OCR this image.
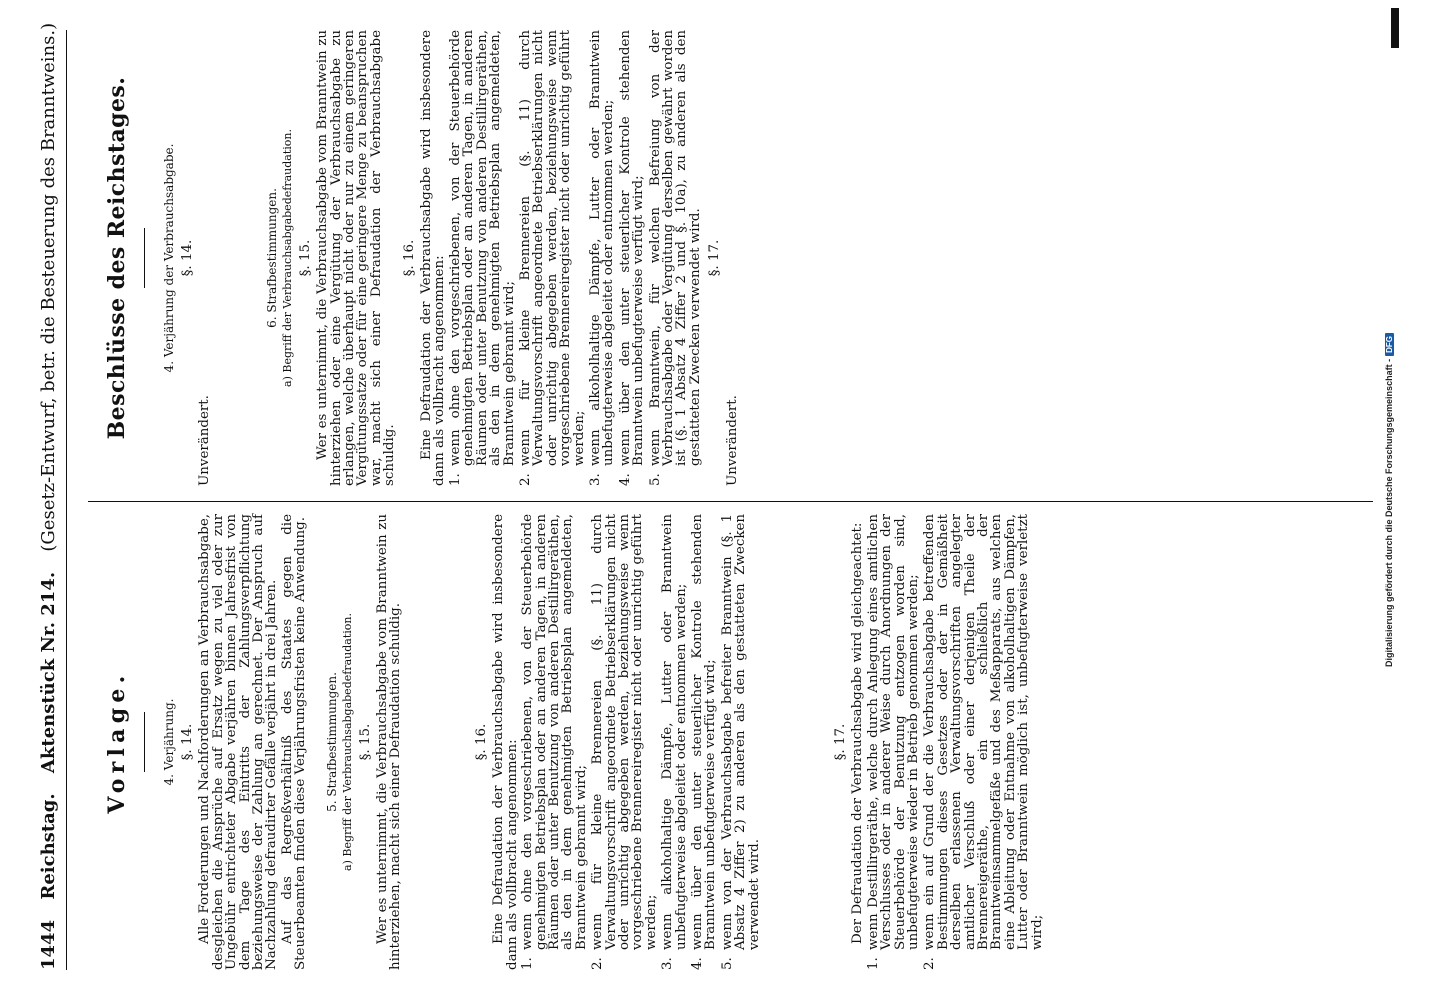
1444 Reichstag. Aktenstück Nr. 214. (Gesetz-Entwurf, betr. die Besteuerung des Branntweins.)
Vorlage.	4. Verjährung. §. 14. Alle Forderungen und Nachforderungen an Verbrauchsabgabe, desgleichen die Ansprüche auf Ersatz wegen zu viel oder zur Ungebühr entrichteter Abgabe verjähren binnen Jahresfrist von dem Tage des Eintritts der Zahlungsverpflichtung beziehungsweise der Zahlung an gerechnet. Der Anspruch auf Nachzahlung defraudirter Gefälle verjährt in drei Jahren. Auf das Regreßverhältniß des Staates gegen die Steuerbeamten finden diese Verjährungsfristen keine Anwendung. 5. Strafbestimmungen. a) Begriff der Verbrauchsabgabedefraudation. §. 15. Wer es unternimmt, die Verbrauchsabgabe vom Branntwein zu hinterziehen, macht sich einer Defraudation schuldig.	§. 16. Eine Defraudation der Verbrauchsabgabe wird insbesondere dann als vollbracht angenommen: 1.
wenn ohne den vorgeschriebenen, von der Steuerbehörde genehmigten Betriebsplan oder an anderen Tagen, in anderen Räumen oder unter Benutzung von anderen Destillirgeräthen, als den in dem genehmigten Betriebsplan angemeldeten, Branntwein gebrannt wird;
2.
wenn für kleine Brennereien (§. 11) durch Verwaltungsvorschrift angeordnete Betriebserklärungen nicht oder unrichtig abgegeben werden, beziehungsweise wenn vorgeschriebene Brennereiregister nicht oder unrichtig geführt werden;
3.
wenn alkoholhaltige Dämpfe, Lutter oder Branntwein unbefugterweise abgeleitet oder entnommen werden;
4.
wenn über den unter steuerlicher Kontrole stehenden Branntwein unbefugterweise verfügt wird;
5.
wenn von der Verbrauchsabgabe befreiter Branntwein (§. 1 Absatz 4 Ziffer 2) zu anderen als den gestatteten Zwecken verwendet wird.
§. 17. Der Defraudation der Verbrauchsabgabe wird gleichgeachtet:

1.
wenn Destillirgeräthe, welche durch Anlegung eines amtlichen Verschlusses oder in anderer Weise durch Anordnungen der Steuerbehörde der Benutzung entzogen worden sind, unbefugterweise wieder in Betrieb genommen werden;
2.
wenn ein auf Grund der die Verbrauchsabgabe betreffenden Bestimmungen dieses Gesetzes oder der in Gemäßheit derselben erlassenen Verwaltungsvorschriften angelegter amtlicher Verschluß oder einer derjenigen Theile der Brennereigeräthe, ein schließlich der Branntweinsammelgefäße und des Meßapparats, aus welchen eine Ableitung oder Entnahme von alkoholhaltigen Dämpfen, Lutter oder Branntwein möglich ist, unbefugterweise verletzt wird;
Beschlüsse des Reichstages.	4. Verjährung der Verbrauchsabgabe. §. 14.

Unverändert.

6. Strafbestimmungen. a) Begriff der Verbrauchsabgabedefraudation. §. 15. Wer es unternimmt, die Verbrauchsabgabe vom Branntwein zu hinterziehen oder eine Vergütung der Verbrauchsabgabe zu erlangen, welche überhaupt nicht oder nur zu einem geringeren Vergütungssatze oder für eine geringere Menge zu beanspruchen war, macht sich einer Defraudation der Verbrauchsabgabe schuldig.

§. 16. Eine Defraudation der Verbrauchsabgabe wird insbesondere dann als vollbracht angenommen: 1.
wenn ohne den vorgeschriebenen, von der Steuerbehörde genehmigten Betriebsplan oder an anderen Tagen, in anderen Räumen oder unter Benutzung von anderen Destillirgeräthen, als den in dem genehmigten Betriebsplan angemeldeten, Branntwein gebrannt wird;
2.
wenn für kleine Brennereien (§. 11) durch Verwaltungsvorschrift angeordnete Betriebserklärungen nicht oder unrichtig abgegeben werden, beziehungsweise wenn vorgeschriebene Brennereiregister nicht oder unrichtig geführt werden;
3.
wenn alkoholhaltige Dämpfe, Lutter oder Branntwein unbefugterweise abgeleitet oder entnommen werden;
4.
wenn über den unter steuerlicher Kontrole stehenden Branntwein unbefugterweise verfügt wird;
5.
wenn Branntwein, für welchen Befreiung von der Verbrauchsabgabe oder Vergütung derselben gewährt worden ist (§. 1 Absatz 4 Ziffer 2 und §. 10a), zu anderen als den gestatteten Zwecken verwendet wird. §. 17.

Unverändert.	Digitalisierung gefördert durch die Deutsche Forschungsgemeinschaft -DFG
